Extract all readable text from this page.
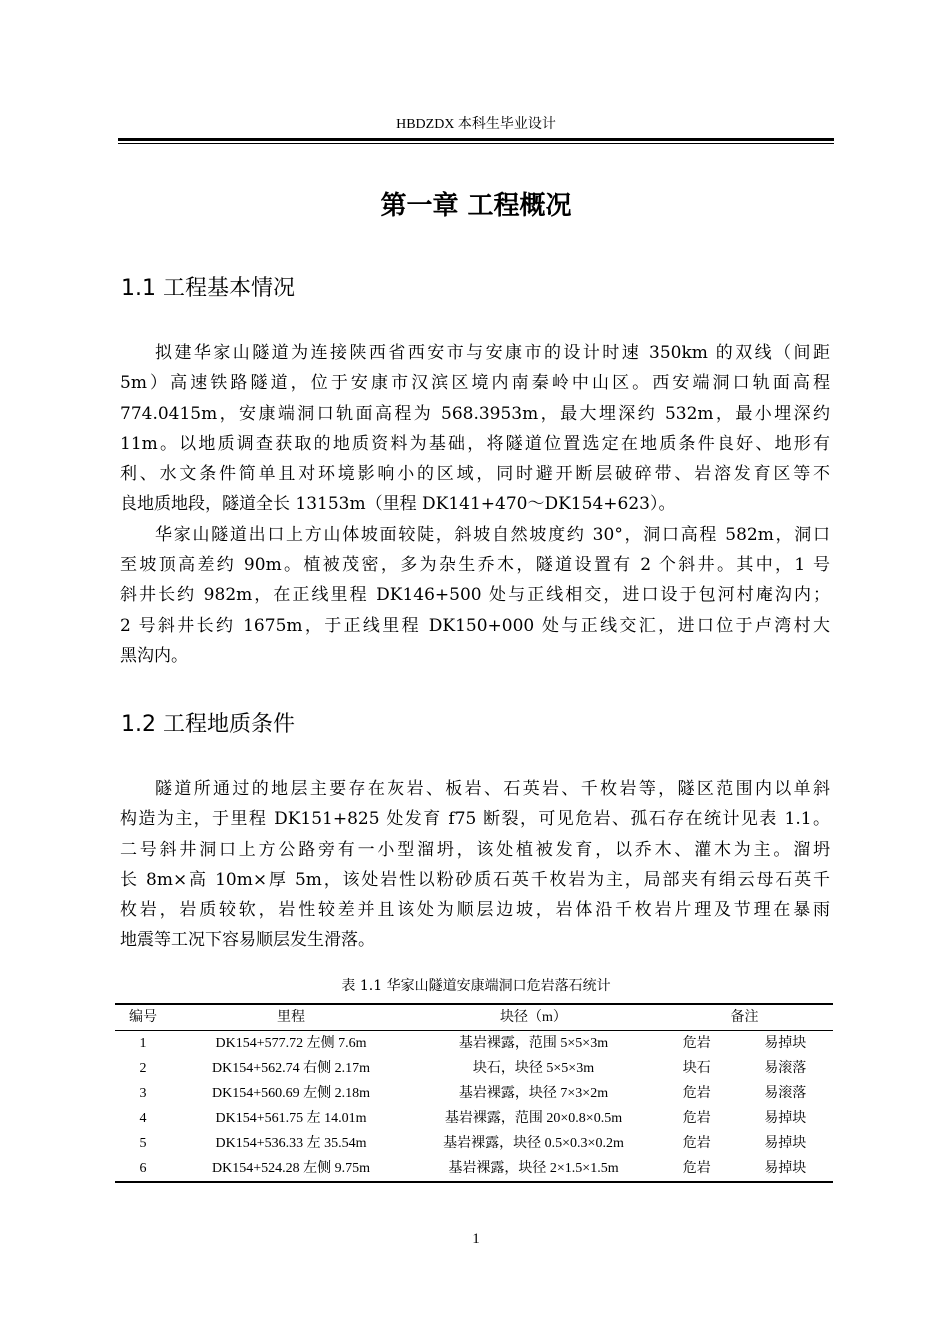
HBDZDX 本科生毕业设计
第一章 工程概况
1.1 工程基本情况
拟建华家山隧道为连接陕西省西安市与安康市的设计时速 350km 的双线（间距
5m）高速铁路隧道，位于安康市汉滨区境内南秦岭中山区。西安端洞口轨面高程
774.0415m，安康端洞口轨面高程为 568.3953m，最大埋深约 532m，最小埋深约
11m。以地质调查获取的地质资料为基础，将隧道位置选定在地质条件良好、地形有
利、水文条件简单且对环境影响小的区域，同时避开断层破碎带、岩溶发育区等不
良地质地段，隧道全长 13153m（里程 DK141+470～DK154+623）。
华家山隧道出口上方山体坡面较陡，斜坡自然坡度约 30°，洞口高程 582m，洞口
至坡顶高差约 90m。植被茂密，多为杂生乔木，隧道设置有 2 个斜井。其中，1 号
斜井长约 982m，在正线里程 DK146+500 处与正线相交，进口设于包河村庵沟内；
2 号斜井长约 1675m，于正线里程 DK150+000 处与正线交汇，进口位于卢湾村大
黑沟内。
1.2 工程地质条件
隧道所通过的地层主要存在灰岩、板岩、石英岩、千枚岩等，隧区范围内以单斜
构造为主，于里程 DK151+825 处发育 f75 断裂，可见危岩、孤石存在统计见表 1.1。
二号斜井洞口上方公路旁有一小型溜坍，该处植被发育，以乔木、灌木为主。溜坍
长 8m×高 10m×厚 5m，该处岩性以粉砂质石英千枚岩为主，局部夹有绢云母石英千
枚岩，岩质较软，岩性较差并且该处为顺层边坡，岩体沿千枚岩片理及节理在暴雨
地震等工况下容易顺层发生滑落。
表 1.1 华家山隧道安康端洞口危岩落石统计
编号	里程	块径（m）	备注
1	DK154+577.72 左侧 7.6m	基岩裸露，范围 5×5×3m	危岩 易掉块

2	DK154+562.74 右侧 2.17m	块石，块径 5×5×3m	块石 易滚落

3	DK154+560.69 左侧 2.18m	基岩裸露，块径 7×3×2m	危岩 易滚落

4	DK154+561.75 左 14.01m	基岩裸露，范围 20×0.8×0.5m	危岩 易掉块

5	DK154+536.33 左 35.54m	基岩裸露，块径 0.5×0.3×0.2m	危岩 易掉块

6	DK154+524.28 左侧 9.75m	基岩裸露，块径 2×1.5×1.5m	危岩 易掉块
1
